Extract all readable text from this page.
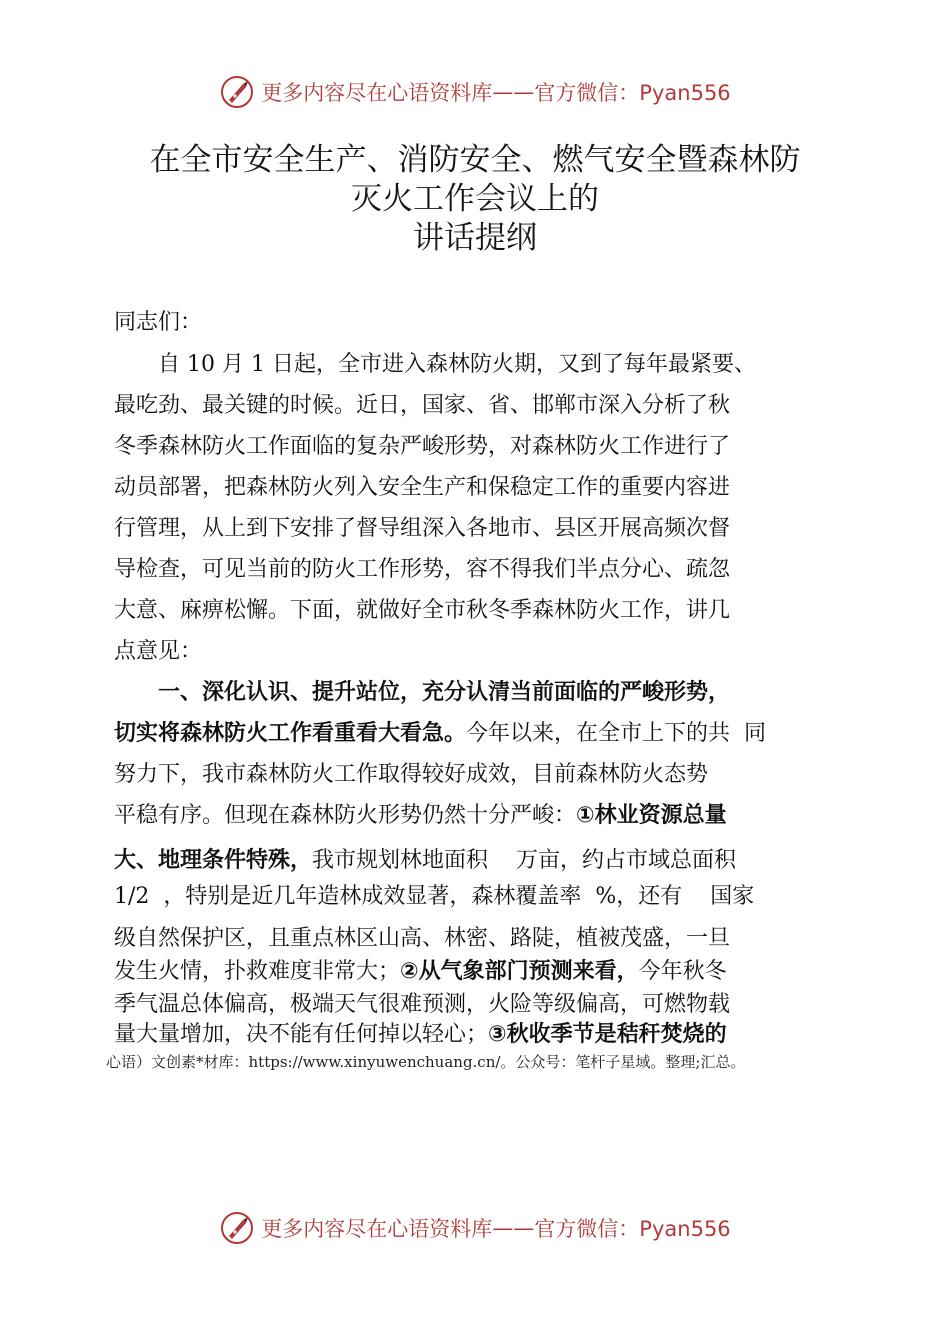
更多内容尽在心语资料库 —— 官方微信：Pyan556
在全市安全生产、消防安全、燃气安全暨森林防
灭火工作会议上的
讲话提纲
同志们：
　　自 10 月 1 日起，全市进入森林防火期，又到了每年最紧要、
最吃劲、最关键的时候。近日，国家、省、邯郸市深入分析了秋
冬季森林防火工作面临的复杂严峻形势，对森林防火工作进行了
动员部署，把森林防火列入安全生产和保稳定工作的重要内容进
行管理，从上到下安排了督导组深入各地市、县区开展高频次督
导检查，可见当前的防火工作形势，容不得我们半点分心、疏忽
大意、麻痹松懈。下面，就做好全市秋冬季森林防火工作，讲几
点意见：
　　一、深化认识、提升站位，充分认清当前面临的严峻形势，
切实将森林防火工作看重看大看急。 今年以来，在全市上下的共  同
努力下，我市森林防火工作取得较好成效，目前森林防火态势
平稳有序。但现在森林防火形势仍然十分严峻： ①林业资源总量
大、地理条件特殊， 我市规划林地面积    万亩，约占市域总面积
1/2  ，特别是近几年造林成效显著，森林覆盖率  %，还有    国家
级自然保护区，且重点林区山高、林密、路陡，植被茂盛，一旦
发生火情，扑救难度非常大； ②从气象部门预测来看， 今年秋冬
季气温总体偏高，极端天气很难预测，火险等级偏高，可燃物载
量大量增加，决不能有任何掉以轻心； ③秋收季节是秸秆焚烧的
心语）文创素*材库：https://www.xinyuwenchuang.cn/。公众号：笔杆子星域。整理;汇总。
更多内容尽在心语资料库 —— 官方微信：Pyan556
